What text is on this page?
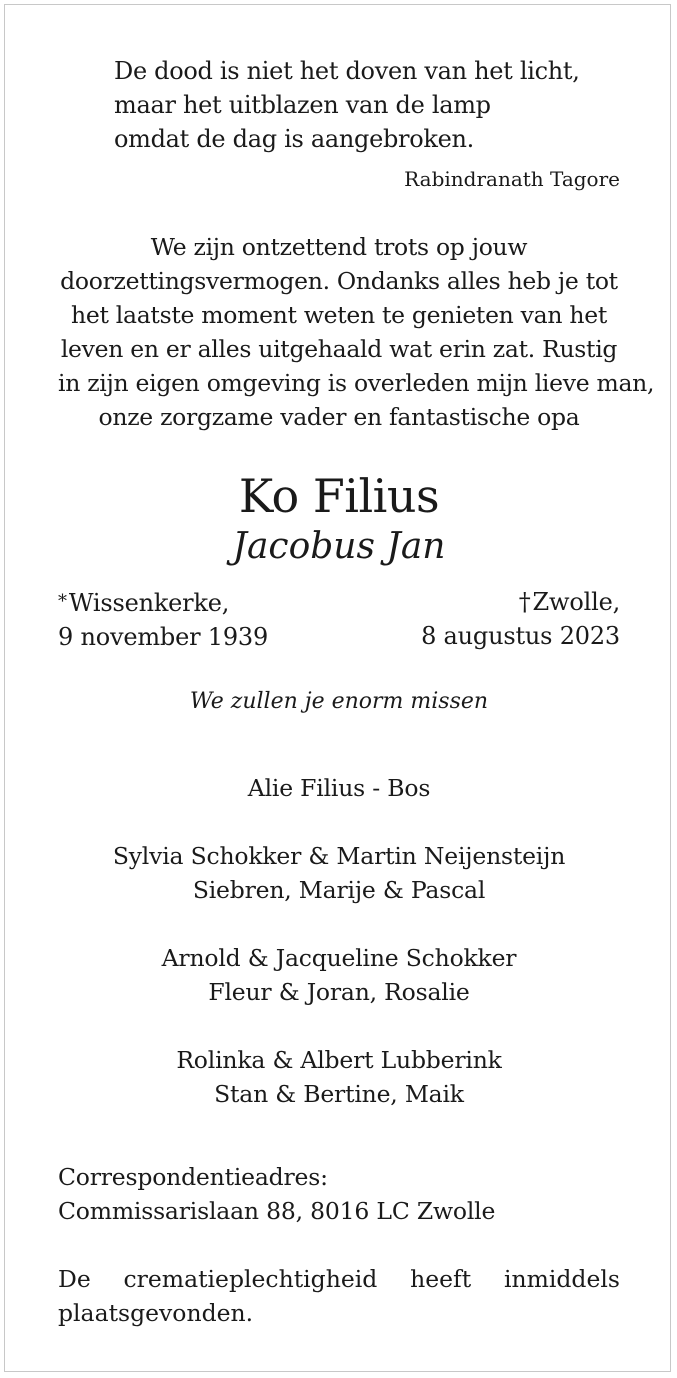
De dood is niet het doven van het licht,
maar het uitblazen van de lamp
omdat de dag is aangebroken.
Rabindranath Tagore
We zijn ontzettend trots op jouw
doorzettingsvermogen. Ondanks alles heb je tot
het laatste moment weten te genieten van het
leven en er alles uitgehaald wat erin zat. Rustig
in zijn eigen omgeving is overleden mijn lieve man,
onze zorgzame vader en fantastische opa
Ko Filius
Jacobus Jan
*Wissenkerke,
9 november 1939
†Zwolle,
8 augustus 2023
We zullen je enorm missen
Alie Filius - Bos
Sylvia Schokker & Martin Neijensteijn
Siebren, Marije & Pascal
Arnold & Jacqueline Schokker
Fleur & Joran, Rosalie
Rolinka & Albert Lubberink
Stan & Bertine, Maik
Correspondentieadres:
Commissarislaan 88, 8016 LC Zwolle
De crematieplechtigheid heeft inmiddels
plaatsgevonden.
